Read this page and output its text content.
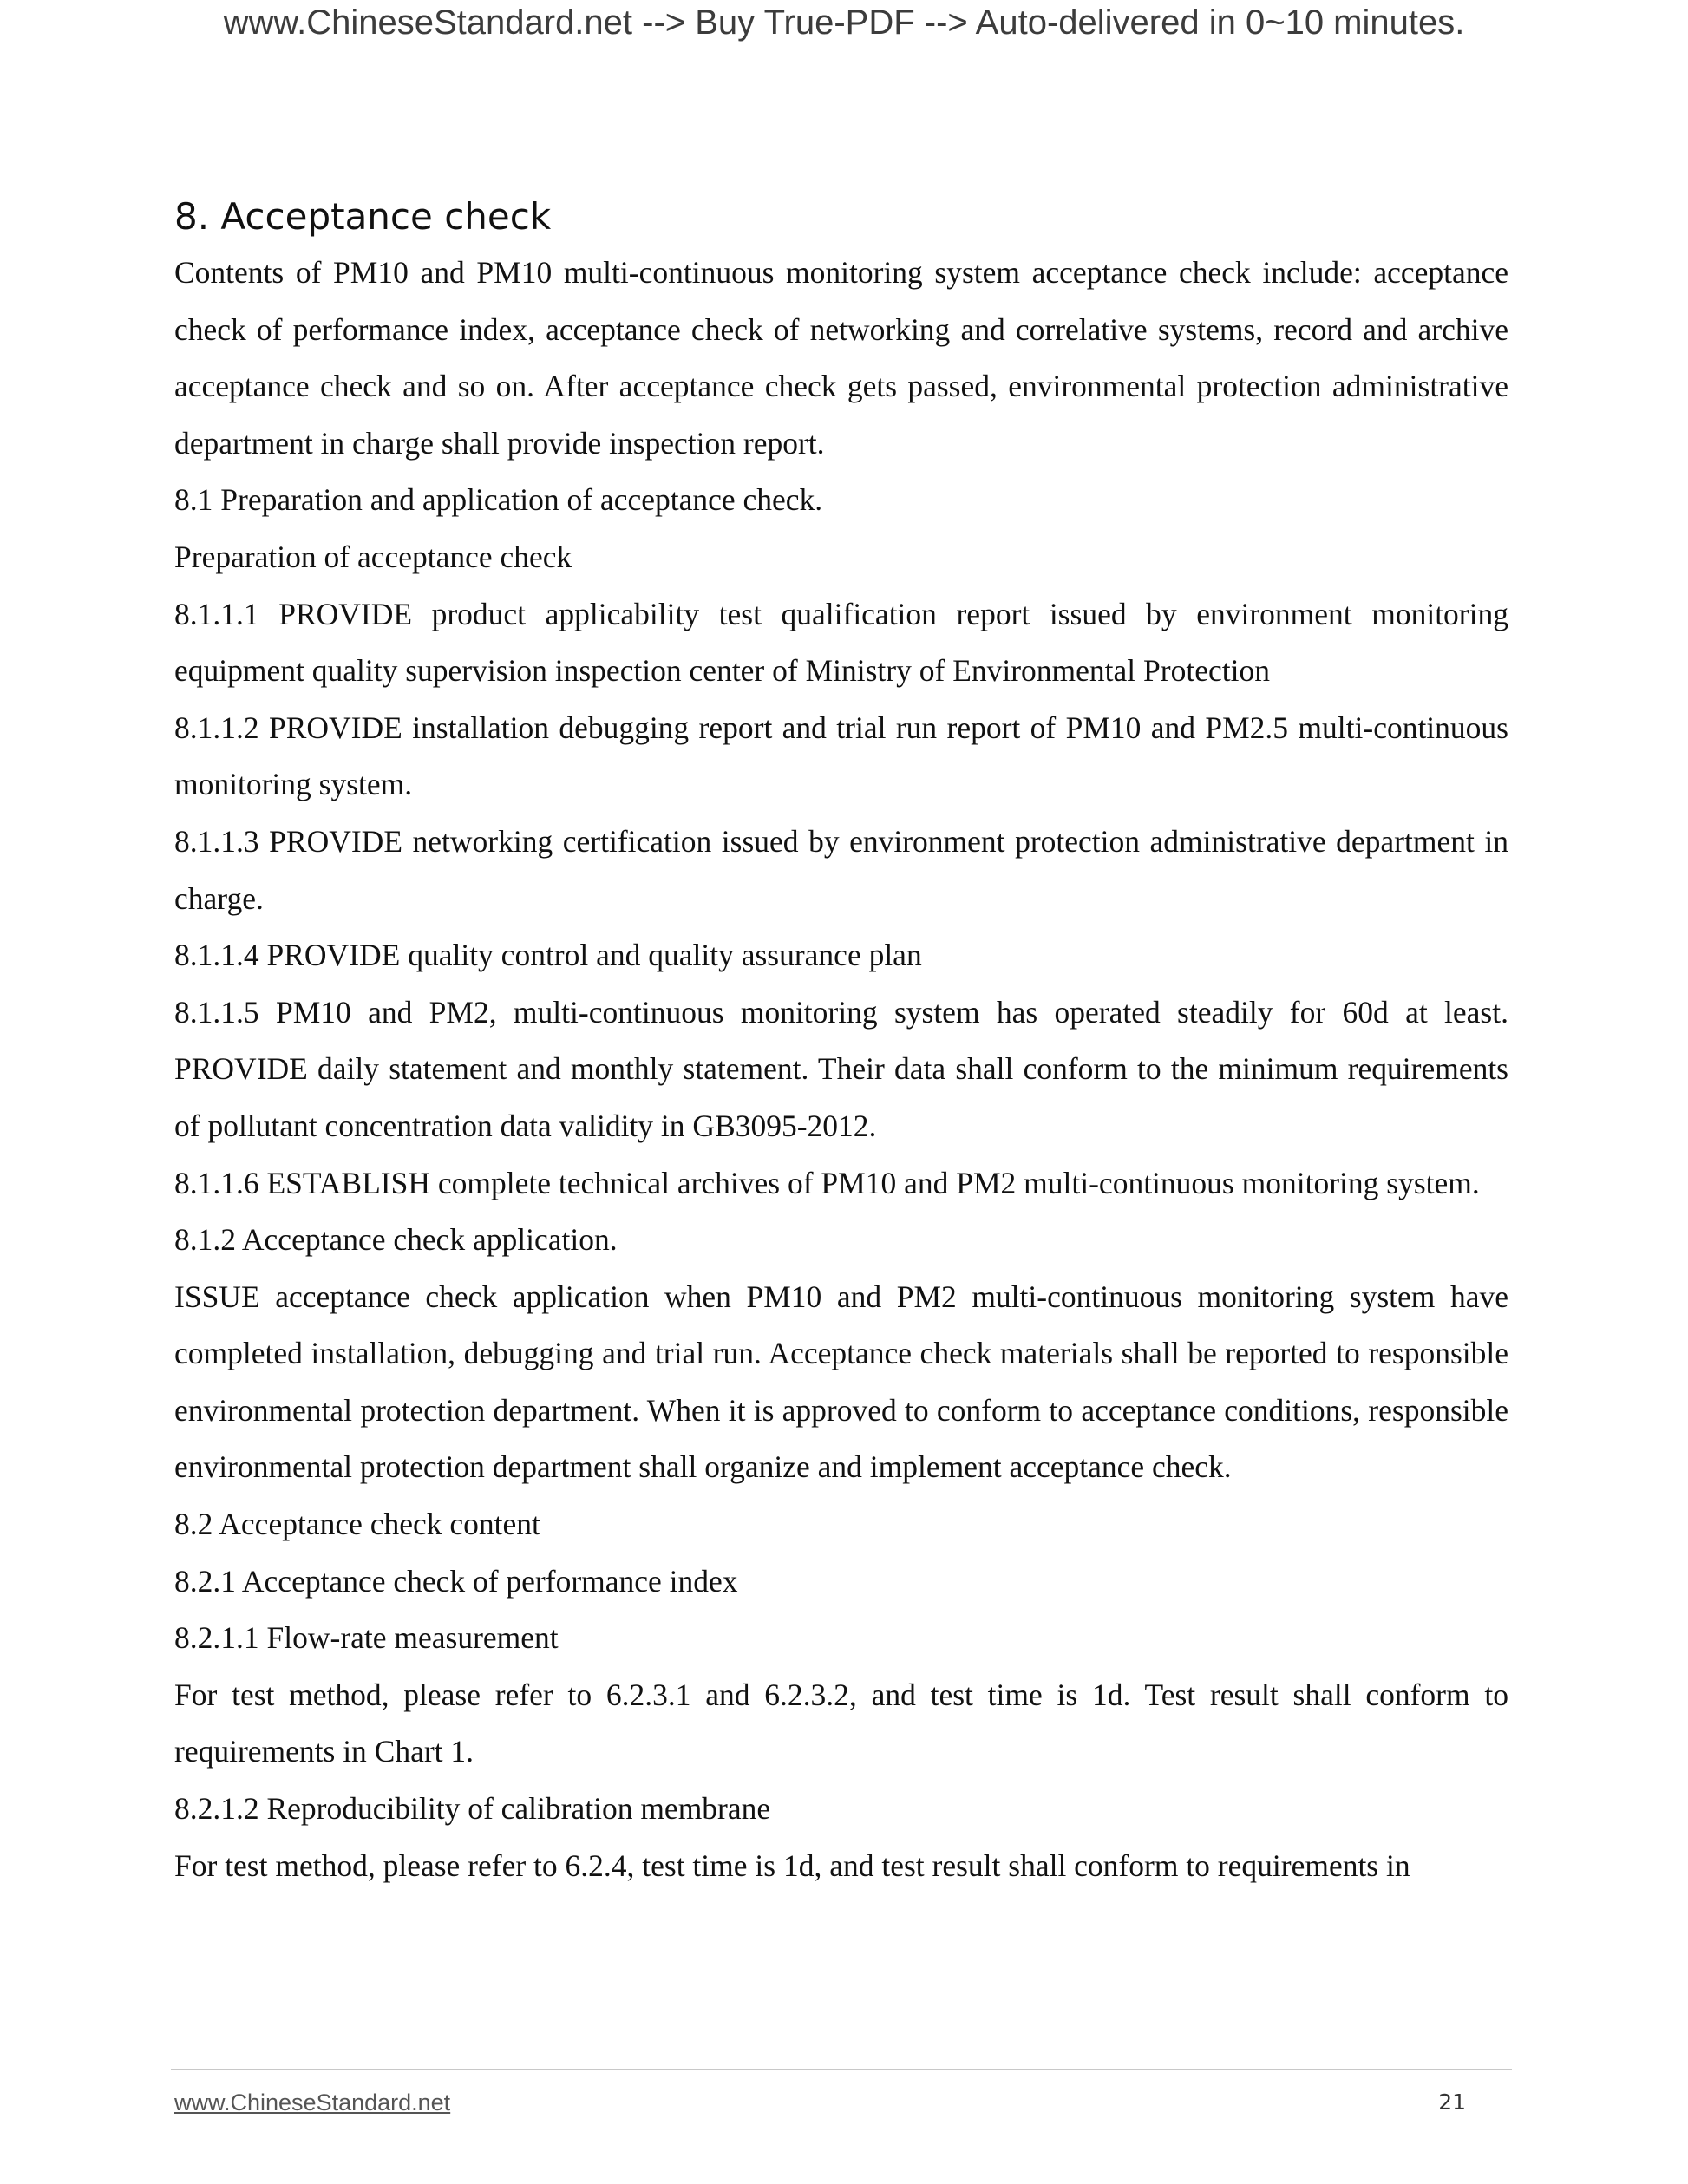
www.ChineseStandard.net --> Buy True-PDF --> Auto-delivered in 0~10 minutes.
8. Acceptance check

Contents of PM10 and PM10 multi-continuous monitoring system acceptance check include: acceptance check of performance index, acceptance check of networking and correlative systems, record and archive acceptance check and so on. After acceptance check gets passed, environmental protection administrative department in charge shall provide inspection report.

8.1 Preparation and application of acceptance check.

Preparation of acceptance check

8.1.1.1 PROVIDE product applicability test qualification report issued by environment monitoring equipment quality supervision inspection center of Ministry of Environmental Protection

8.1.1.2 PROVIDE installation debugging report and trial run report of PM10 and PM2.5 multi-continuous monitoring system.

8.1.1.3 PROVIDE networking certification issued by environment protection administrative department in charge.

8.1.1.4 PROVIDE quality control and quality assurance plan

8.1.1.5 PM10 and PM2, multi-continuous monitoring system has operated steadily for 60d at least. PROVIDE daily statement and monthly statement. Their data shall conform to the minimum requirements of pollutant concentration data validity in GB3095-2012.

8.1.1.6 ESTABLISH complete technical archives of PM10 and PM2 multi-continuous monitoring system.

8.1.2 Acceptance check application.

ISSUE acceptance check application when PM10 and PM2 multi-continuous monitoring system have completed installation, debugging and trial run. Acceptance check materials shall be reported to responsible environmental protection department. When it is approved to conform to acceptance conditions, responsible environmental protection department shall organize and implement acceptance check.

8.2 Acceptance check content

8.2.1 Acceptance check of performance index

8.2.1.1 Flow-rate measurement

For test method, please refer to 6.2.3.1 and 6.2.3.2, and test time is 1d. Test result shall conform to requirements in Chart 1.

8.2.1.2 Reproducibility of calibration membrane

For test method, please refer to 6.2.4, test time is 1d, and test result shall conform to requirements in

www.ChineseStandard.net	21
